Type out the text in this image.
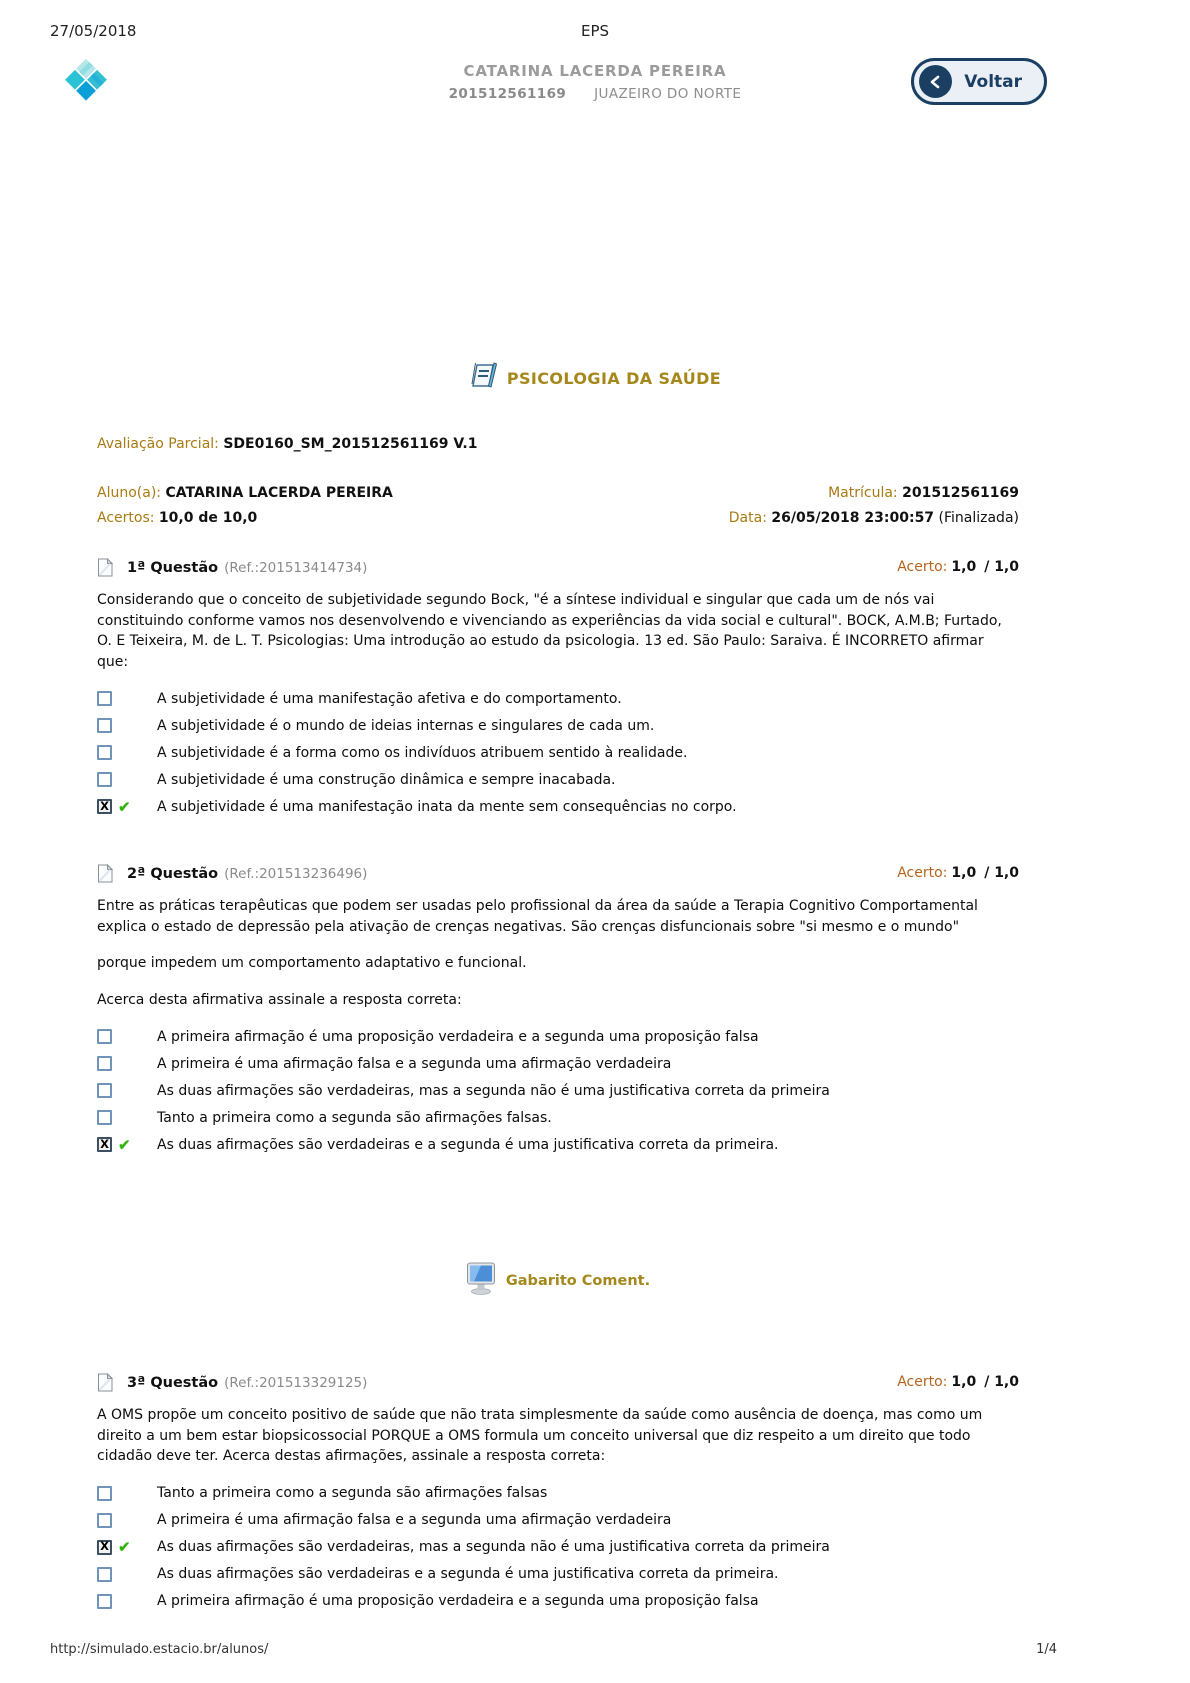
27/05/2018	EPS
CATARINA LACERDA PEREIRA
201512561169 JUAZEIRO DO NORTE
Voltar
PSICOLOGIA DA SAÚDE
Avaliação Parcial: SDE0160_SM_201512561169 V.1
Aluno(a): CATARINA LACERDA PEREIRA	Matrícula: 201512561169
Acertos: 10,0 de 10,0	Data: 26/05/2018 23:00:57 (Finalizada)
1ª Questão (Ref.:201513414734)	Acerto: 1,0 / 1,0

Considerando que o conceito de subjetividade segundo Bock, "é a síntese individual e singular que cada um de nós vai constituindo conforme vamos nos desenvolvendo e vivenciando as experiências da vida social e cultural". BOCK, A.M.B; Furtado, O. E Teixeira, M. de L. T. Psicologias: Uma introdução ao estudo da psicologia. 13 ed. São Paulo: Saraiva. É INCORRETO afirmar que:

A subjetividade é uma manifestação afetiva e do comportamento.
A subjetividade é o mundo de ideias internas e singulares de cada um.
A subjetividade é a forma como os indivíduos atribuem sentido à realidade.
A subjetividade é uma construção dinâmica e sempre inacabada.
X
✔ A subjetividade é uma manifestação inata da mente sem consequências no corpo.
2ª Questão (Ref.:201513236496)	Acerto: 1,0 / 1,0

Entre as práticas terapêuticas que podem ser usadas pelo profissional da área da saúde a Terapia Cognitivo Comportamental explica o estado de depressão pela ativação de crenças negativas. São crenças disfuncionais sobre "si mesmo e o mundo"

porque impedem um comportamento adaptativo e funcional.

Acerca desta afirmativa assinale a resposta correta:

A primeira afirmação é uma proposição verdadeira e a segunda uma proposição falsa
A primeira é uma afirmação falsa e a segunda uma afirmação verdadeira
As duas afirmações são verdadeiras, mas a segunda não é uma justificativa correta da primeira
Tanto a primeira como a segunda são afirmações falsas.
X
✔ As duas afirmações são verdadeiras e a segunda é uma justificativa correta da primeira.
Gabarito Coment.
3ª Questão (Ref.:201513329125)	Acerto: 1,0 / 1,0

A OMS propõe um conceito positivo de saúde que não trata simplesmente da saúde como ausência de doença, mas como um direito a um bem estar biopsicossocial PORQUE a OMS formula um conceito universal que diz respeito a um direito que todo cidadão deve ter. Acerca destas afirmações, assinale a resposta correta:

Tanto a primeira como a segunda são afirmações falsas
A primeira é uma afirmação falsa e a segunda uma afirmação verdadeira
X
✔ As duas afirmações são verdadeiras, mas a segunda não é uma justificativa correta da primeira
As duas afirmações são verdadeiras e a segunda é uma justificativa correta da primeira.
A primeira afirmação é uma proposição verdadeira e a segunda uma proposição falsa
http://simulado.estacio.br/alunos/	1/4
